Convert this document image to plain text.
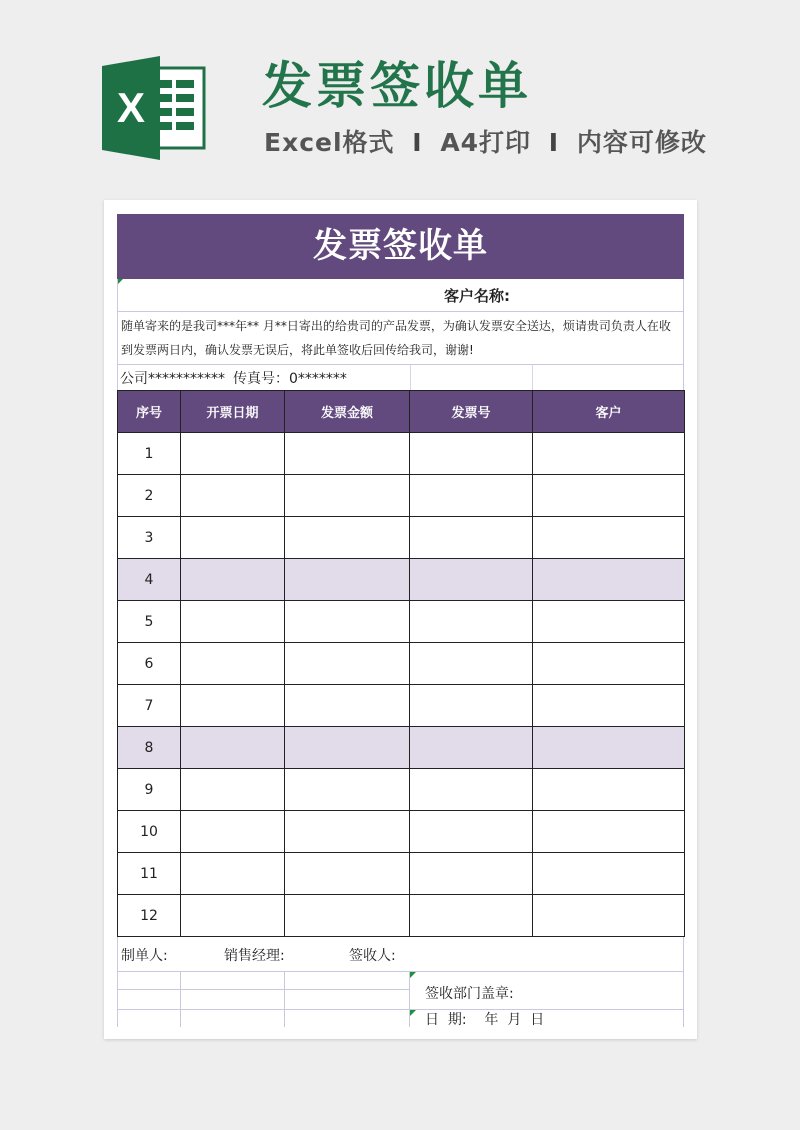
X 发票签收单
Excel格式 I A4打印 I 内容可修改
发票签收单
客户名称:
随单寄来的是我司***年** 月**日寄出的给贵司的产品发票，为确认发票安全送达，烦请贵司负责人在收到发票两日内，确认发票无误后，将此单签收后回传给我司，谢谢!
公司*********** 传真号：0*******
序号	开票日期	发票金额	发票号	客户
1				
2				
3				
4				
5				
6				
7				
8				
9				
10				
11				
12				
制单人:	销售经理:	签收人:
签收部门盖章:
日  期:    年  月  日
